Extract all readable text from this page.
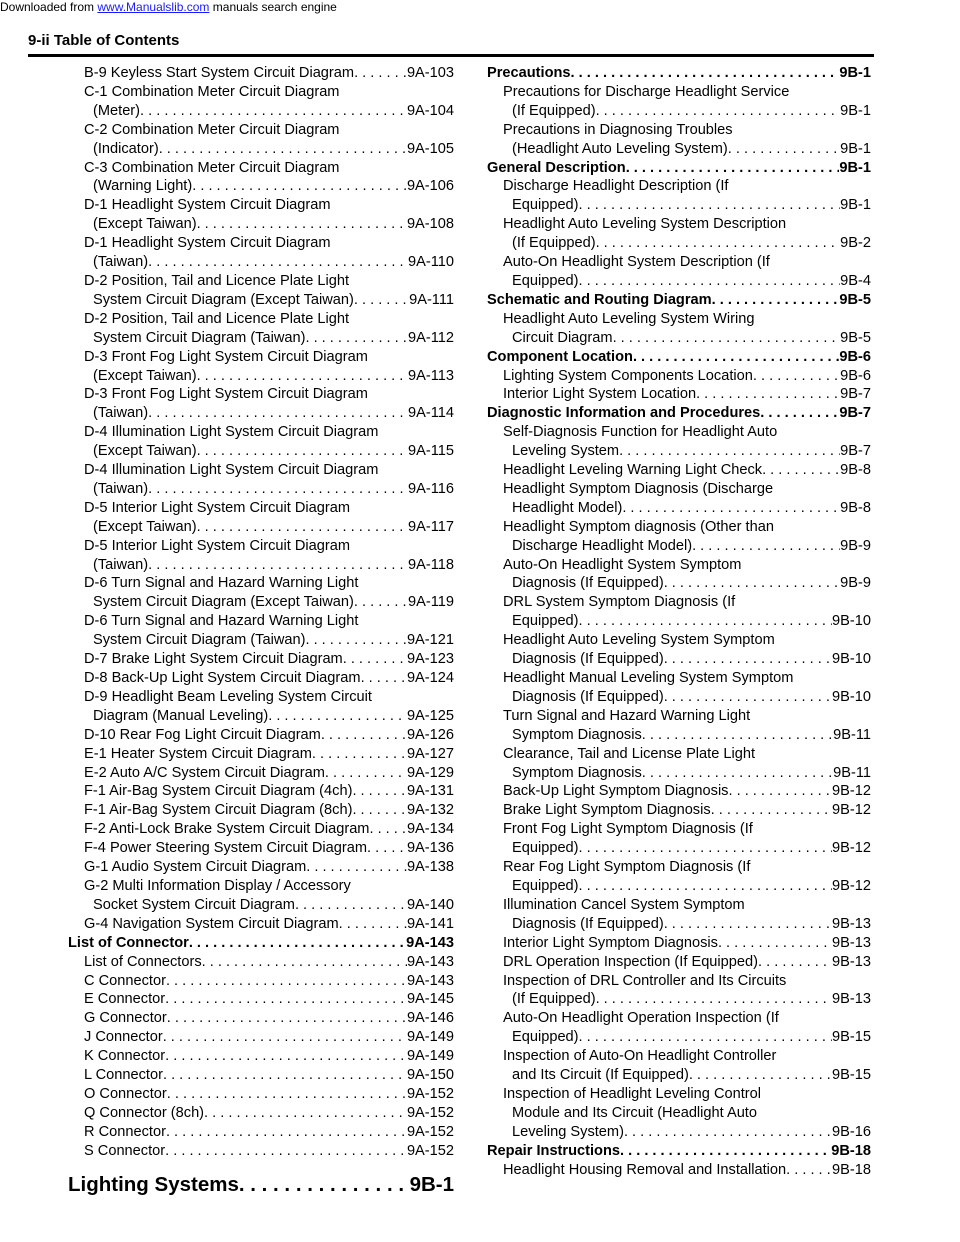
Downloaded from www.Manualslib.com manuals search engine
9-ii Table of Contents
B-9 Keyless Start System Circuit Diagram . . .	9A-103
C-1 Combination Meter Circuit Diagram
(Meter) . . .	9A-104
C-2 Combination Meter Circuit Diagram
(Indicator) . . .	9A-105
C-3 Combination Meter Circuit Diagram
(Warning Light) . . .	9A-106
D-1 Headlight System Circuit Diagram
(Except Taiwan) . . .	9A-108
D-1 Headlight System Circuit Diagram
(Taiwan) . . .	9A-110
D-2 Position, Tail and Licence Plate Light
System Circuit Diagram (Except Taiwan) . . .	9A-111
D-2 Position, Tail and Licence Plate Light
System Circuit Diagram (Taiwan) . . .	9A-112
D-3 Front Fog Light System Circuit Diagram
(Except Taiwan) . . .	9A-113
D-3 Front Fog Light System Circuit Diagram
(Taiwan) . . .	9A-114
D-4 Illumination Light System Circuit Diagram
(Except Taiwan) . . .	9A-115
D-4 Illumination Light System Circuit Diagram
(Taiwan) . . .	9A-116
D-5 Interior Light System Circuit Diagram
(Except Taiwan) . . .	9A-117
D-5 Interior Light System Circuit Diagram
(Taiwan) . . .	9A-118
D-6 Turn Signal and Hazard Warning Light
System Circuit Diagram (Except Taiwan) . . .	9A-119
D-6 Turn Signal and Hazard Warning Light
System Circuit Diagram (Taiwan) . . .	9A-121
D-7 Brake Light System Circuit Diagram . . .	9A-123
D-8 Back-Up Light System Circuit Diagram . . .	9A-124
D-9 Headlight Beam Leveling System Circuit
Diagram (Manual Leveling) . . .	9A-125
D-10 Rear Fog Light Circuit Diagram . . .	9A-126
E-1 Heater System Circuit Diagram . . .	9A-127
E-2 Auto A/C System Circuit Diagram . . .	9A-129
F-1 Air-Bag System Circuit Diagram (4ch) . . .	9A-131
F-1 Air-Bag System Circuit Diagram (8ch) . . .	9A-132
F-2 Anti-Lock Brake System Circuit Diagram . . .	9A-134
F-4 Power Steering System Circuit Diagram . . .	9A-136
G-1 Audio System Circuit Diagram . . .	9A-138
G-2 Multi Information Display / Accessory
Socket System Circuit Diagram . . .	9A-140
G-4 Navigation System Circuit Diagram . . .	9A-141
List of Connector . . .	9A-143
List of Connectors . . .	9A-143
C Connector . . .	9A-143
E Connector . . .	9A-145
G Connector . . .	9A-146
J Connector . . .	9A-149
K Connector . . .	9A-149
L Connector . . .	9A-150
O Connector . . .	9A-152
Q Connector (8ch) . . .	9A-152
R Connector . . .	9A-152
S Connector . . .	9A-152
Lighting Systems . . .	9B-1
Precautions . . .	9B-1
Precautions for Discharge Headlight Service
(If Equipped) . . .	9B-1
Precautions in Diagnosing Troubles
(Headlight Auto Leveling System) . . .	9B-1
General Description . . .	9B-1
Discharge Headlight Description (If
Equipped) . . .	9B-1
Headlight Auto Leveling System Description
(If Equipped) . . .	9B-2
Auto-On Headlight System Description (If
Equipped) . . .	9B-4
Schematic and Routing Diagram . . .	9B-5
Headlight Auto Leveling System Wiring
Circuit Diagram . . .	9B-5
Component Location . . .	9B-6
Lighting System Components Location . . .	9B-6
Interior Light System Location . . .	9B-7
Diagnostic Information and Procedures . . .	9B-7
Self-Diagnosis Function for Headlight Auto
Leveling System . . .	9B-7
Headlight Leveling Warning Light Check . . .	9B-8
Headlight Symptom Diagnosis (Discharge
Headlight Model) . . .	9B-8
Headlight Symptom diagnosis (Other than
Discharge Headlight Model) . . .	9B-9
Auto-On Headlight System Symptom
Diagnosis (If Equipped) . . .	9B-9
DRL System Symptom Diagnosis (If
Equipped) . . .	9B-10
Headlight Auto Leveling System Symptom
Diagnosis (If Equipped) . . .	9B-10
Headlight Manual Leveling System Symptom
Diagnosis (If Equipped) . . .	9B-10
Turn Signal and Hazard Warning Light
Symptom Diagnosis . . .	9B-11
Clearance, Tail and License Plate Light
Symptom Diagnosis . . .	9B-11
Back-Up Light Symptom Diagnosis . . .	9B-12
Brake Light Symptom Diagnosis . . .	9B-12
Front Fog Light Symptom Diagnosis (If
Equipped) . . .	9B-12
Rear Fog Light Symptom Diagnosis (If
Equipped) . . .	9B-12
Illumination Cancel System Symptom
Diagnosis (If Equipped) . . .	9B-13
Interior Light Symptom Diagnosis . . .	9B-13
DRL Operation Inspection (If Equipped) . . .	9B-13
Inspection of DRL Controller and Its Circuits
(If Equipped) . . .	9B-13
Auto-On Headlight Operation Inspection (If
Equipped) . . .	9B-15
Inspection of Auto-On Headlight Controller
and Its Circuit (If Equipped) . . .	9B-15
Inspection of Headlight Leveling Control
Module and Its Circuit (Headlight Auto
Leveling System) . . .	9B-16
Repair Instructions . . .	9B-18
Headlight Housing Removal and Installation . . .	9B-18
